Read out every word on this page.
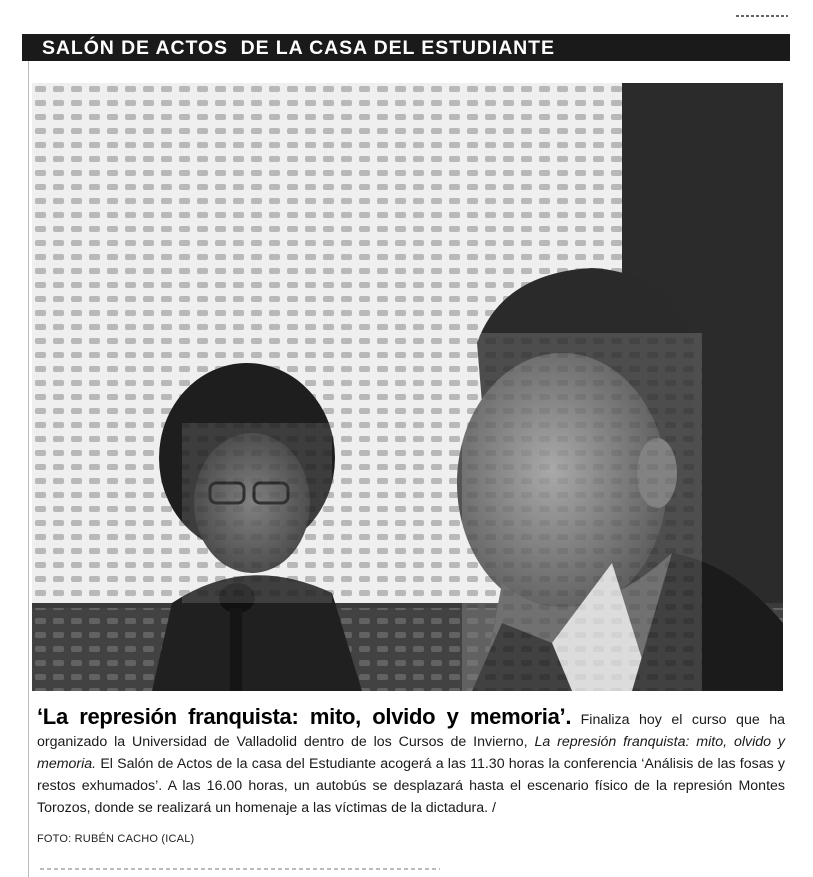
SALÓN DE ACTOS  DE LA CASA DEL ESTUDIANTE
‘La represión franquista: mito, olvido y memoria’. Finaliza hoy el curso que ha organizado la Universidad de Valladolid dentro de los Cursos de Invierno, La represión franquista: mito, olvido y memoria. El Salón de Actos de la casa del Estudiante acogerá a las 11.30 horas la conferencia ‘Análisis de las fosas y restos exhumados’. A las 16.00 horas, un autobús se desplazará hasta el escenario físico de la represión Montes Torozos, donde se realizará un homenaje a las víctimas de la dictadura. /
FOTO: RUBÉN CACHO (ICAL)
